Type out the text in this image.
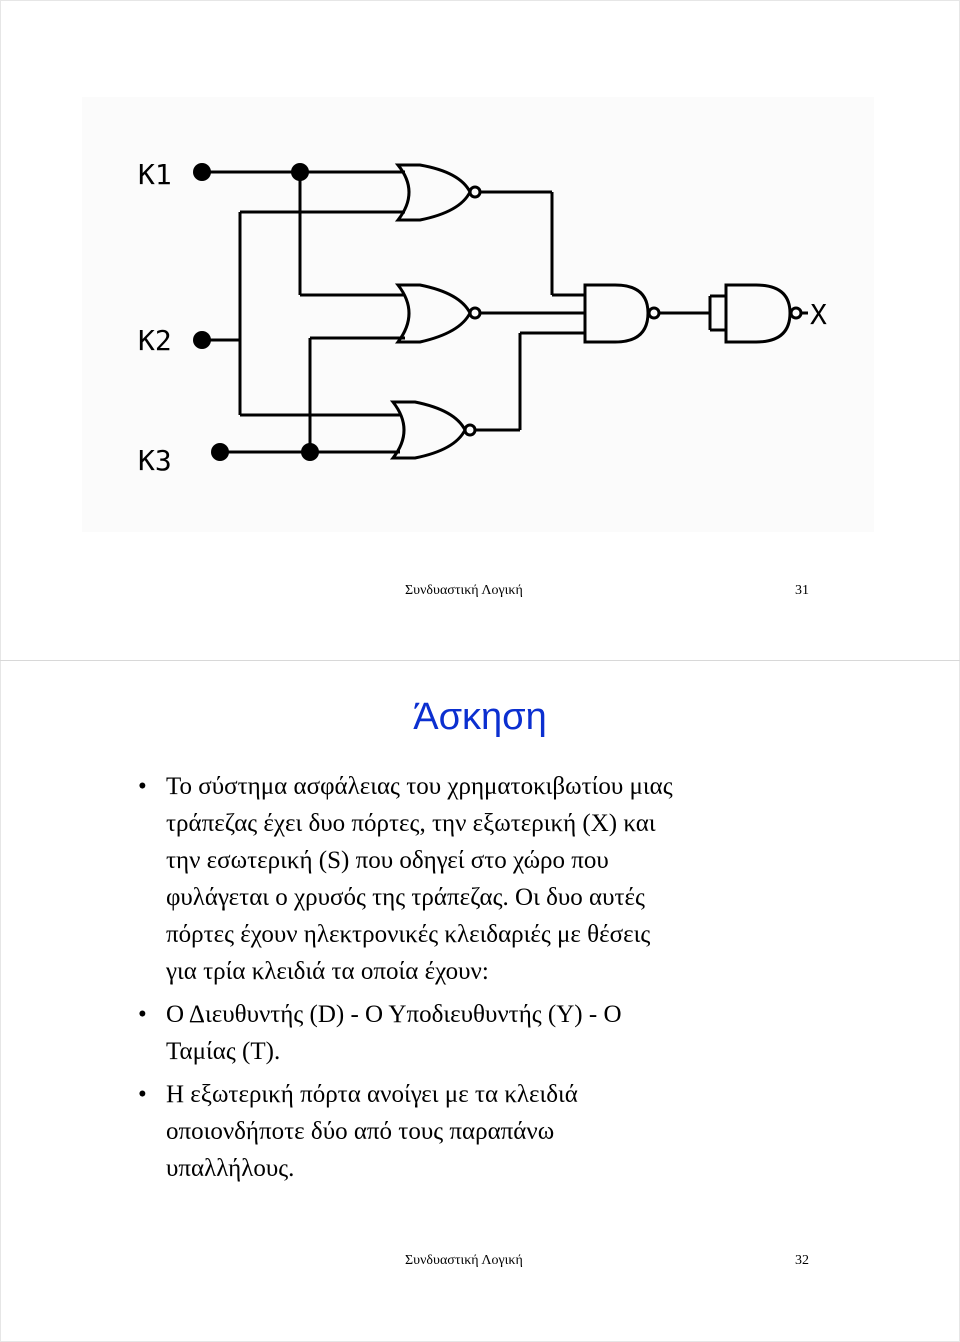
K1
K2
K3
X
Συνδυαστική Λογική	31
Άσκηση
• Το σύστημα ασφάλειας του χρηματοκιβωτίου μιας
τράπεζας έχει δυο πόρτες, την εξωτερική (X) και
την εσωτερική (S) που οδηγεί στο χώρο που
φυλάγεται ο χρυσός της τράπεζας. Οι δυο αυτές
πόρτες έχουν ηλεκτρονικές κλειδαριές με θέσεις
για τρία κλειδιά τα οποία έχουν:
• Ο Διευθυντής (D) - Ο Υποδιευθυντής (Y) - Ο
Ταμίας (T).
• Η εξωτερική πόρτα ανοίγει με τα κλειδιά
οποιονδήποτε δύο από τους παραπάνω
υπαλλήλους.
Συνδυαστική Λογική	32
